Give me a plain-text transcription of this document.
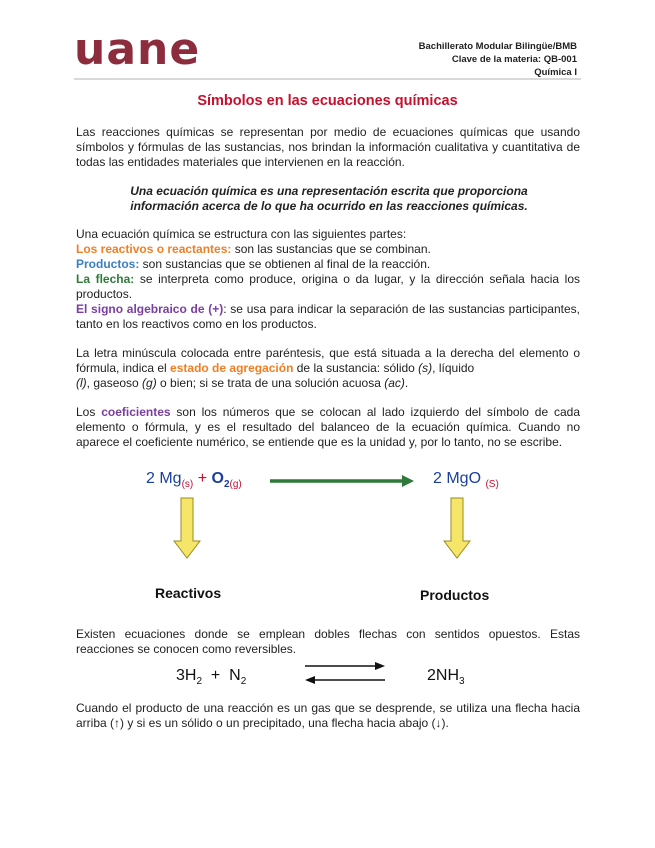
uane	Bachillerato Modular Bilingüe/BMB
Clave de la materia: QB-001
Química I
Símbolos en las ecuaciones químicas
Las reacciones químicas se representan por medio de ecuaciones químicas que usando símbolos y fórmulas de las sustancias, nos brindan la información cualitativa y cuantitativa de todas las entidades materiales que intervienen en la reacción.
Una ecuación química es una representación escrita que proporciona información acerca de lo que ha ocurrido en las reacciones químicas.
Una ecuación química se estructura con las siguientes partes:
Los reactivos o reactantes: son las sustancias que se combinan.
Productos: son sustancias que se obtienen al final de la reacción.
La flecha: se interpreta como produce, origina o da lugar, y la dirección señala hacia los productos.
El signo algebraico de (+): se usa para indicar la separación de las sustancias participantes, tanto en los reactivos como en los productos.
La letra minúscula colocada entre paréntesis, que está situada a la derecha del elemento o fórmula, indica el estado de agregación de la sustancia: sólido (s), líquido
(l), gaseoso (g) o bien; si se trata de una solución acuosa (ac).
Los coeficientes son los números que se colocan al lado izquierdo del símbolo de cada elemento o fórmula, y es el resultado del balanceo de la ecuación química. Cuando no aparece el coeficiente numérico, se entiende que es la unidad y, por lo tanto, no se escribe.
2 $Mg_{(s)} + O_{2(g)}$	2 MgO $_{(S)}$
Reactivos	Productos
Existen ecuaciones donde se emplean dobles flechas con sentidos opuestos. Estas reacciones se conocen como reversibles.
$3H_2 + N_2$	$2NH_3$
Cuando el producto de una reacción es un gas que se desprende, se utiliza una flecha hacia arriba (↑) y si es un sólido o un precipitado, una flecha hacia abajo (↓).
